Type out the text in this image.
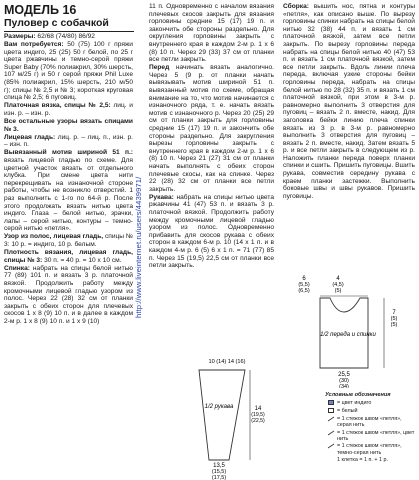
МОДЕЛЬ 16
Пуловер с собачкой

Размеры: 62/68 (74/80) 86/92

Вам потребуется: 50 (75) 100 г пряжи цвета индиго, 25 (25) 50 г белой, по 25 г цвета ржавчины и темно-серой пряжи Super Baby (70% полиакрил, 30% шерсть, 107 м/25 г) и 50 г серой пряжи Phil Luxe (85% полиакрил, 15% шерсть, 210 м/50 г); спицы № 2,5 и № 3; короткая круговая спица № 2,5; 6 пуговиц.

Платочная вязка, спицы № 2,5: лиц. и изн. р. – изн. р.

Все остальные узоры вязать спицами № 3.

Лицевая гладь: лиц. р. – лиц. п., изн. р. – изн. п.

Вывязанный мотив шириной 51 п.: вязать лицевой гладью по схеме. Для цветной участок вязать от отдельного клубка. При смене цвета нити перекрещивать на изнаночной стороне работы, чтобы не возникло отверстий. 1 раз выполнить с 1-го по 64-й р. После этого продолжать вязать нитью цвета индиго. Глаза – белой нитью, зрачки, лапы – серой нитью, контуры – темно-серой нитью «петля».

Узор из полос, лицевая гладь, спицы № 3: 10 р. = индиго, 10 р. белым.

Плотность вязания, лицевая гладь, спицы № 3: 30 п. = 40 р. = 10 х 10 см.

Спинка: набрать на спицы белой нитью 77 (89) 101 п. и вязать 3 р. платочной вязкой. Продолжить работу между кромочными лицевой гладью узором из полос. Через 22 (28) 32 см от планки закрыть с обеих сторон для плечевых скосов 1 х 8 (9) 10 п. и в далее в каждом 2-м р. 1 х 8 (9) 10 п. и 1 х 9 (10)

11 п. Одновременно с началом вязания плечевых скосов закрыть для вязания горловины средние 15 (17) 19 п. и закончить обе стороны раздельно. Для округления горловины закрыть с внутреннего края в каждом 2-м р. 1 х 6 (8) 10 п. Через 29 (33) 37 см от планки все петли закрыть.

Перед начинать вязать аналогично. Через 5 (9 р. от планки начать вывязывать мотив шириной 51 п. вывязанный мотив по схеме, обращая внимание на то, что мотив начинается с изнаночного ряда, т. е. начать вязать мотив с изнаночного р. Через 20 (25) 29 см от планки закрыть для горловины средние 15 (17) 19 п. и закончить обе стороны раздельно. Для закругления вырезы горловины закрыть с внутреннего края в каждом 2-м р. 1 х 6 (8) 10 п. Через 21 (27) 31 см от планки начать выполнять с обеих сторон плечевые скосы, как на спинке. Через 22 (28) 32 см от планки все петли закрыть.

Рукава: набрать на спицы нитью цвета ржавчины 41 (47) 53 п. и вязать 3 р. платочной вязкой. Продолжить работу между кромочными лицевой гладью узором из полос. Одновременно прибавить для скосов рукава с обеих сторон в каждом 6-м р. 10 (14 х 1 п. и в каждом 4-м р. 6 (5) 6 х 1 п. = 71 (77) 85 п. Через 15 (19,5) 22,5 см от планки все петли закрыть.

Сборка: вышить нос, пятна и контуры «петля», как описано выше. По вырезу горловины спинки набрать на спицы белой нитью 32 (38) 44 п. и вязать 1 см платочной вязкой, затем все петли закрыть. По вырезу горловины переда набрать на спицы белой нитью 40 (47) 53 п. и вязать 1 см платочной вязкой, затем все петли закрыть. Вдоль линии плеча переда, включая узкие стороны бейки горловины переда, набрать на спицы белой нитью по 28 (32) 35 п. и вязать 1 см платочной вязкой, при этом в 3-м р. равномерно выполнить 3 отверстия для пуговиц – вязать 2 п. вместе, накид. Для заголовка бейки линию плеча спинки вязать из 3 р. в 3-м р. равномерно выполнить 3 отверстия для пуговиц – вязать 2 п. вместе, накид. Затем вязать 5 р. и все петли закрыть в следующем из р. Наложить планки переда поверх планки спинки и сшить. Пришить пуговицы. Вшить рукава, совместив середину рукава с краем планки застежки. Выполнить боковые швы и швы рукавов. Пришить пуговицы.

http://www.liveinternet.ru/users/4439971/	6
(5,5)
(6,5)
4
(4,5)
(5)
7
(5)
(5)
1/2 переда и спинки
25,5
(30)
(34)
10 (14) 14 (16)
1/2 рукава	14
(19,5)
(22,5)
13,5
(15,5)
(17,5)
Условные обозначения
= цвет индиго
= белый
= 1 стежок швом «петля», серая нить
= 1 стежок швом «петля», цвет нить
= 1 стежок швом «петля», темно-серая нить
1 клетка = 1 п. + 1 р.
